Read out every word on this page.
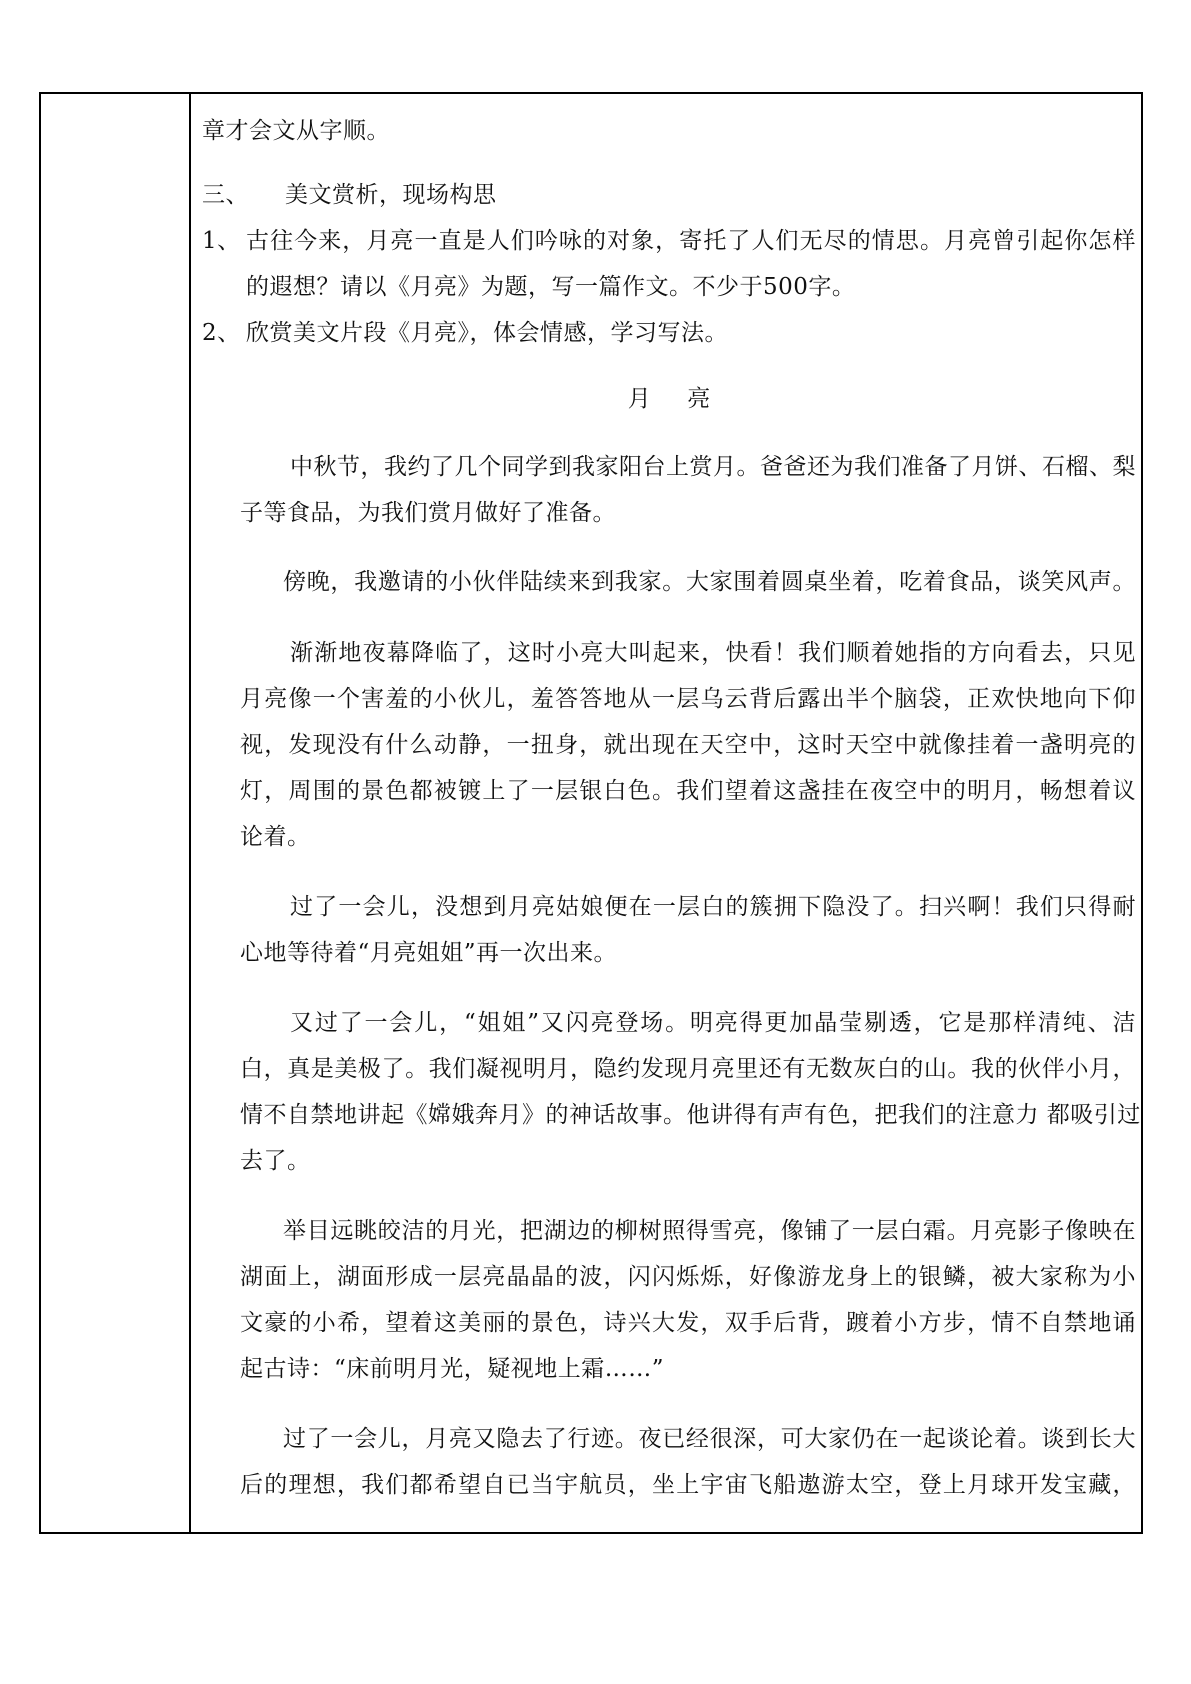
章才会文从字顺。
三、 美文赏析，现场构思
1、 古往今来，月亮一直是人们吟咏的对象，寄托了人们无尽的情思。月亮曾引起你怎样
的遐想？请以《月亮》为题，写一篇作文。不少于500字。
2、 欣赏美文片段《月亮》，体会情感，学习写法。
月 亮
中秋节，我约了几个同学到我家阳台上赏月。爸爸还为我们准备了月饼、石榴、梨
子等食品，为我们赏月做好了准备。
傍晚，我邀请的小伙伴陆续来到我家。大家围着圆桌坐着，吃着食品，谈笑风声。
渐渐地夜幕降临了，这时小亮大叫起来，快看！我们顺着她指的方向看去，只见
月亮像一个害羞的小伙儿，羞答答地从一层乌云背后露出半个脑袋，正欢快地向下仰
视，发现没有什么动静，一扭身，就出现在天空中，这时天空中就像挂着一盏明亮的
灯，周围的景色都被镀上了一层银白色。我们望着这盏挂在夜空中的明月，畅想着议
论着。
过了一会儿，没想到月亮姑娘便在一层白的簇拥下隐没了。扫兴啊！我们只得耐
心地等待着“月亮姐姐”再一次出来。
又过了一会儿，“姐姐”又闪亮登场。明亮得更加晶莹剔透，它是那样清纯、洁
白，真是美极了。我们凝视明月，隐约发现月亮里还有无数灰白的山。我的伙伴小月，
情不自禁地讲起《嫦娥奔月》的神话故事。他讲得有声有色，把我们的注意力 都吸引过
去了。
举目远眺皎洁的月光，把湖边的柳树照得雪亮，像铺了一层白霜。月亮影子像映在
湖面上，湖面形成一层亮晶晶的波，闪闪烁烁，好像游龙身上的银鳞，被大家称为小
文豪的小希，望着这美丽的景色，诗兴大发，双手后背，踱着小方步，情不自禁地诵
起古诗：“床前明月光，疑视地上霜……”
过了一会儿，月亮又隐去了行迹。夜已经很深，可大家仍在一起谈论着。谈到长大
后的理想，我们都希望自已当宇航员，坐上宇宙飞船遨游太空，登上月球开发宝藏，
